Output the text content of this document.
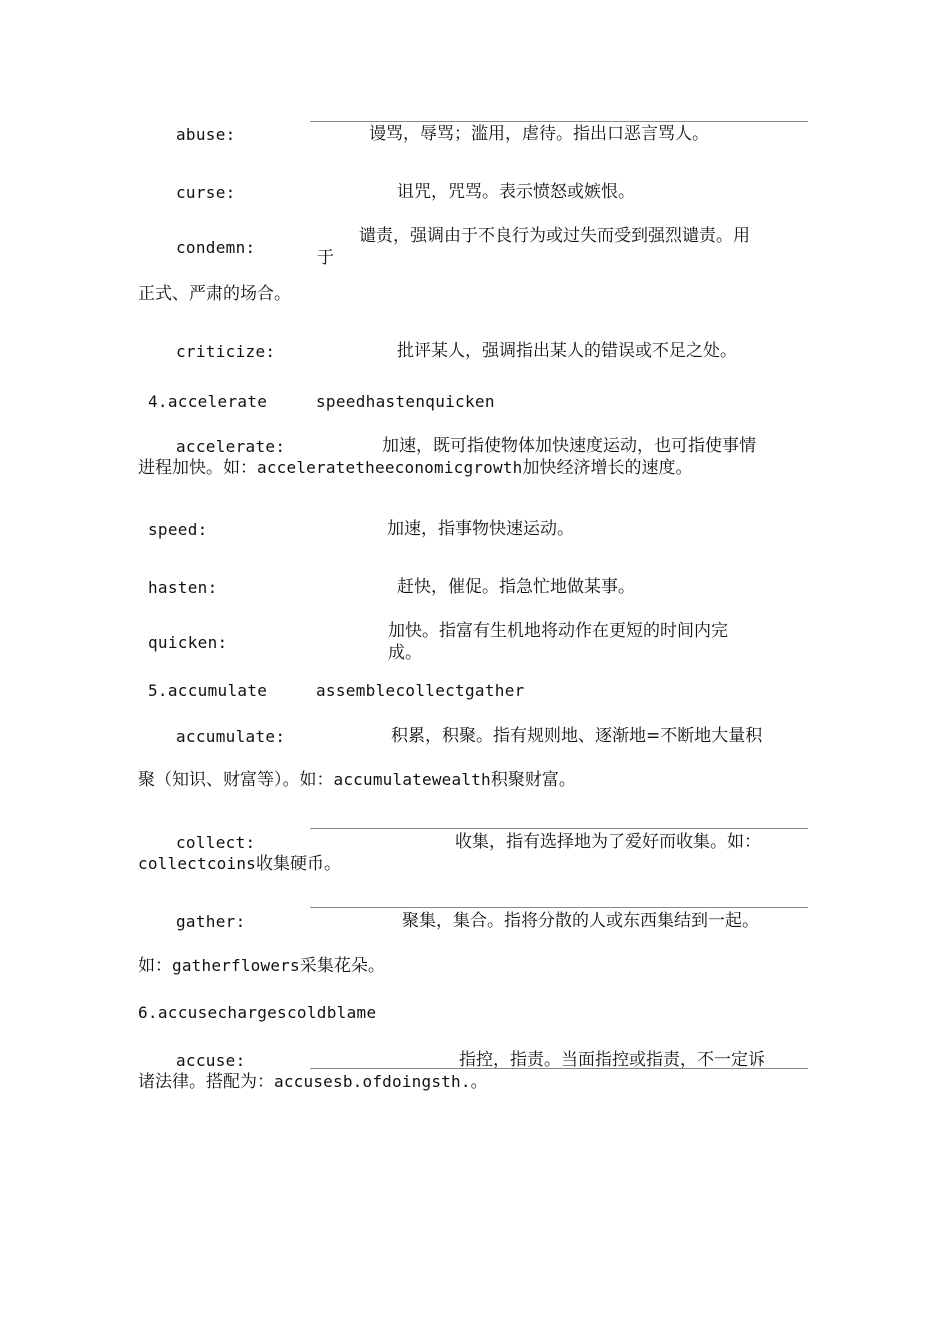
abuse:	谩骂，辱骂；滥用，虐待。指出口恶言骂人。
curse:	诅咒，咒骂。表示愤怒或嫉恨。
condemn:
谴责，强调由于不良行为或过失而受到强烈谴责。用
于
正式、严肃的场合。
criticize:	批评某人，强调指出某人的错误或不足之处。
4.accelerate	speedhastenquicken
accelerate:	加速，既可指使物体加快速度运动，也可指使事情
进程加快。如：acceleratetheeconomicgrowth加快经济增长的速度。
speed:	加速，指事物快速运动。
hasten:	赶快，催促。指急忙地做某事。
quicken:
加快。指富有生机地将动作在更短的时间内完
成。
5.accumulate	assemblecollectgather
accumulate:	积累，积聚。指有规则地、逐渐地=不断地大量积
聚（知识、财富等）。如：accumulatewealth积聚财富。
collect:	收集，指有选择地为了爱好而收集。如：
collectcoins收集硬币。
gather:	聚集，集合。指将分散的人或东西集结到一起。
如：gatherflowers采集花朵。
6.accusechargescoldblame
accuse:	指控，指责。当面指控或指责，不一定诉
诸法律。搭配为：accusesb.ofdoingsth.。
